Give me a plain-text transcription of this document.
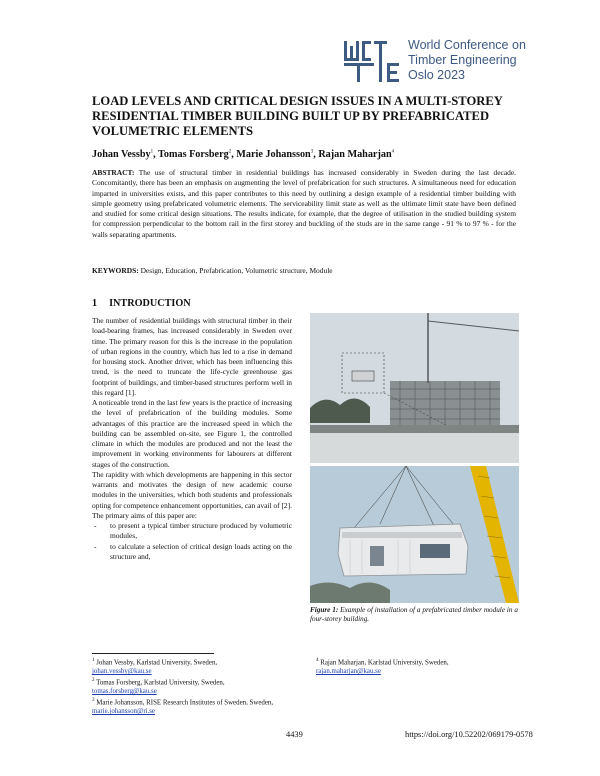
WCTE	World Conference on
Timber Engineering
Oslo 2023
LOAD LEVELS AND CRITICAL DESIGN ISSUES IN A MULTI-STOREY RESIDENTIAL TIMBER BUILDING BUILT UP BY PREFABRICATED VOLUMETRIC ELEMENTS
Johan Vessby$^1$, Tomas Forsberg$^2$, Marie Johansson$^3$, Rajan Maharjan$^4$
ABSTRACT: The use of structural timber in residential buildings has increased considerably in Sweden during the last decade. Concomitantly, there has been an emphasis on augmenting the level of prefabrication for such structures. A simultaneous need for education imparted in universities exists, and this paper contributes to this need by outlining a design example of a residential timber building with simple geometry using prefabricated volumetric elements. The serviceability limit state as well as the ultimate limit state have been defined and studied for some critical design situations. The results indicate, for example, that the degree of utilisation in the studied building system for compression perpendicular to the bottom rail in the first storey and buckling of the studs are in the same range - 91 % to 97 % - for the walls separating apartments.
KEYWORDS: Design, Education, Prefabrication, Volumetric structure, Module
1 INTRODUCTION

The number of residential buildings with structural timber in their load-bearing frames, has increased considerably in Sweden over time. The primary reason for this is the increase in the population of urban regions in the country, which has led to a rise in demand for housing stock. Another driver, which has been influencing this trend, is the need to truncate the life-cycle greenhouse gas footprint of buildings, and timber-based structures perform well in this regard [1].

A noticeable trend in the last few years is the practice of increasing the level of prefabrication of the building modules. Some advantages of this practice are the increased speed in which the building can be assembled on-site, see Figure 1, the controlled climate in which the modules are produced and not the least the improvement in working environments for labourers at different stages of the construction.

The rapidity with which developments are happening in this sector warrants and motivates the design of new academic course modules in the universities, which both students and professionals opting for competence enhancement opportunities, can avail of [2]. The primary aims of this paper are:

- to present a typical timber structure produced by volumetric modules,
- to calculate a selection of critical design loads acting on the structure and,
Figure 1: Example of installation of a prefabricated timber module in a four-storey building.
$^1$ Johan Vessby, Karlstad University, Sweden,
johan.vessby@kau.se
$^2$ Tomas Forsberg, Karlstad University, Sweden,
tomas.forsberg@kau.se
$^3$ Marie Johansson, RISE Research Institutes of Sweden, Sweden, marie.johansson@ri.se
$^4$ Rajan Maharjan, Karlstad University, Sweden,
rajan.maharjan@kau.se
4439	https://doi.org/10.52202/069179-0578
